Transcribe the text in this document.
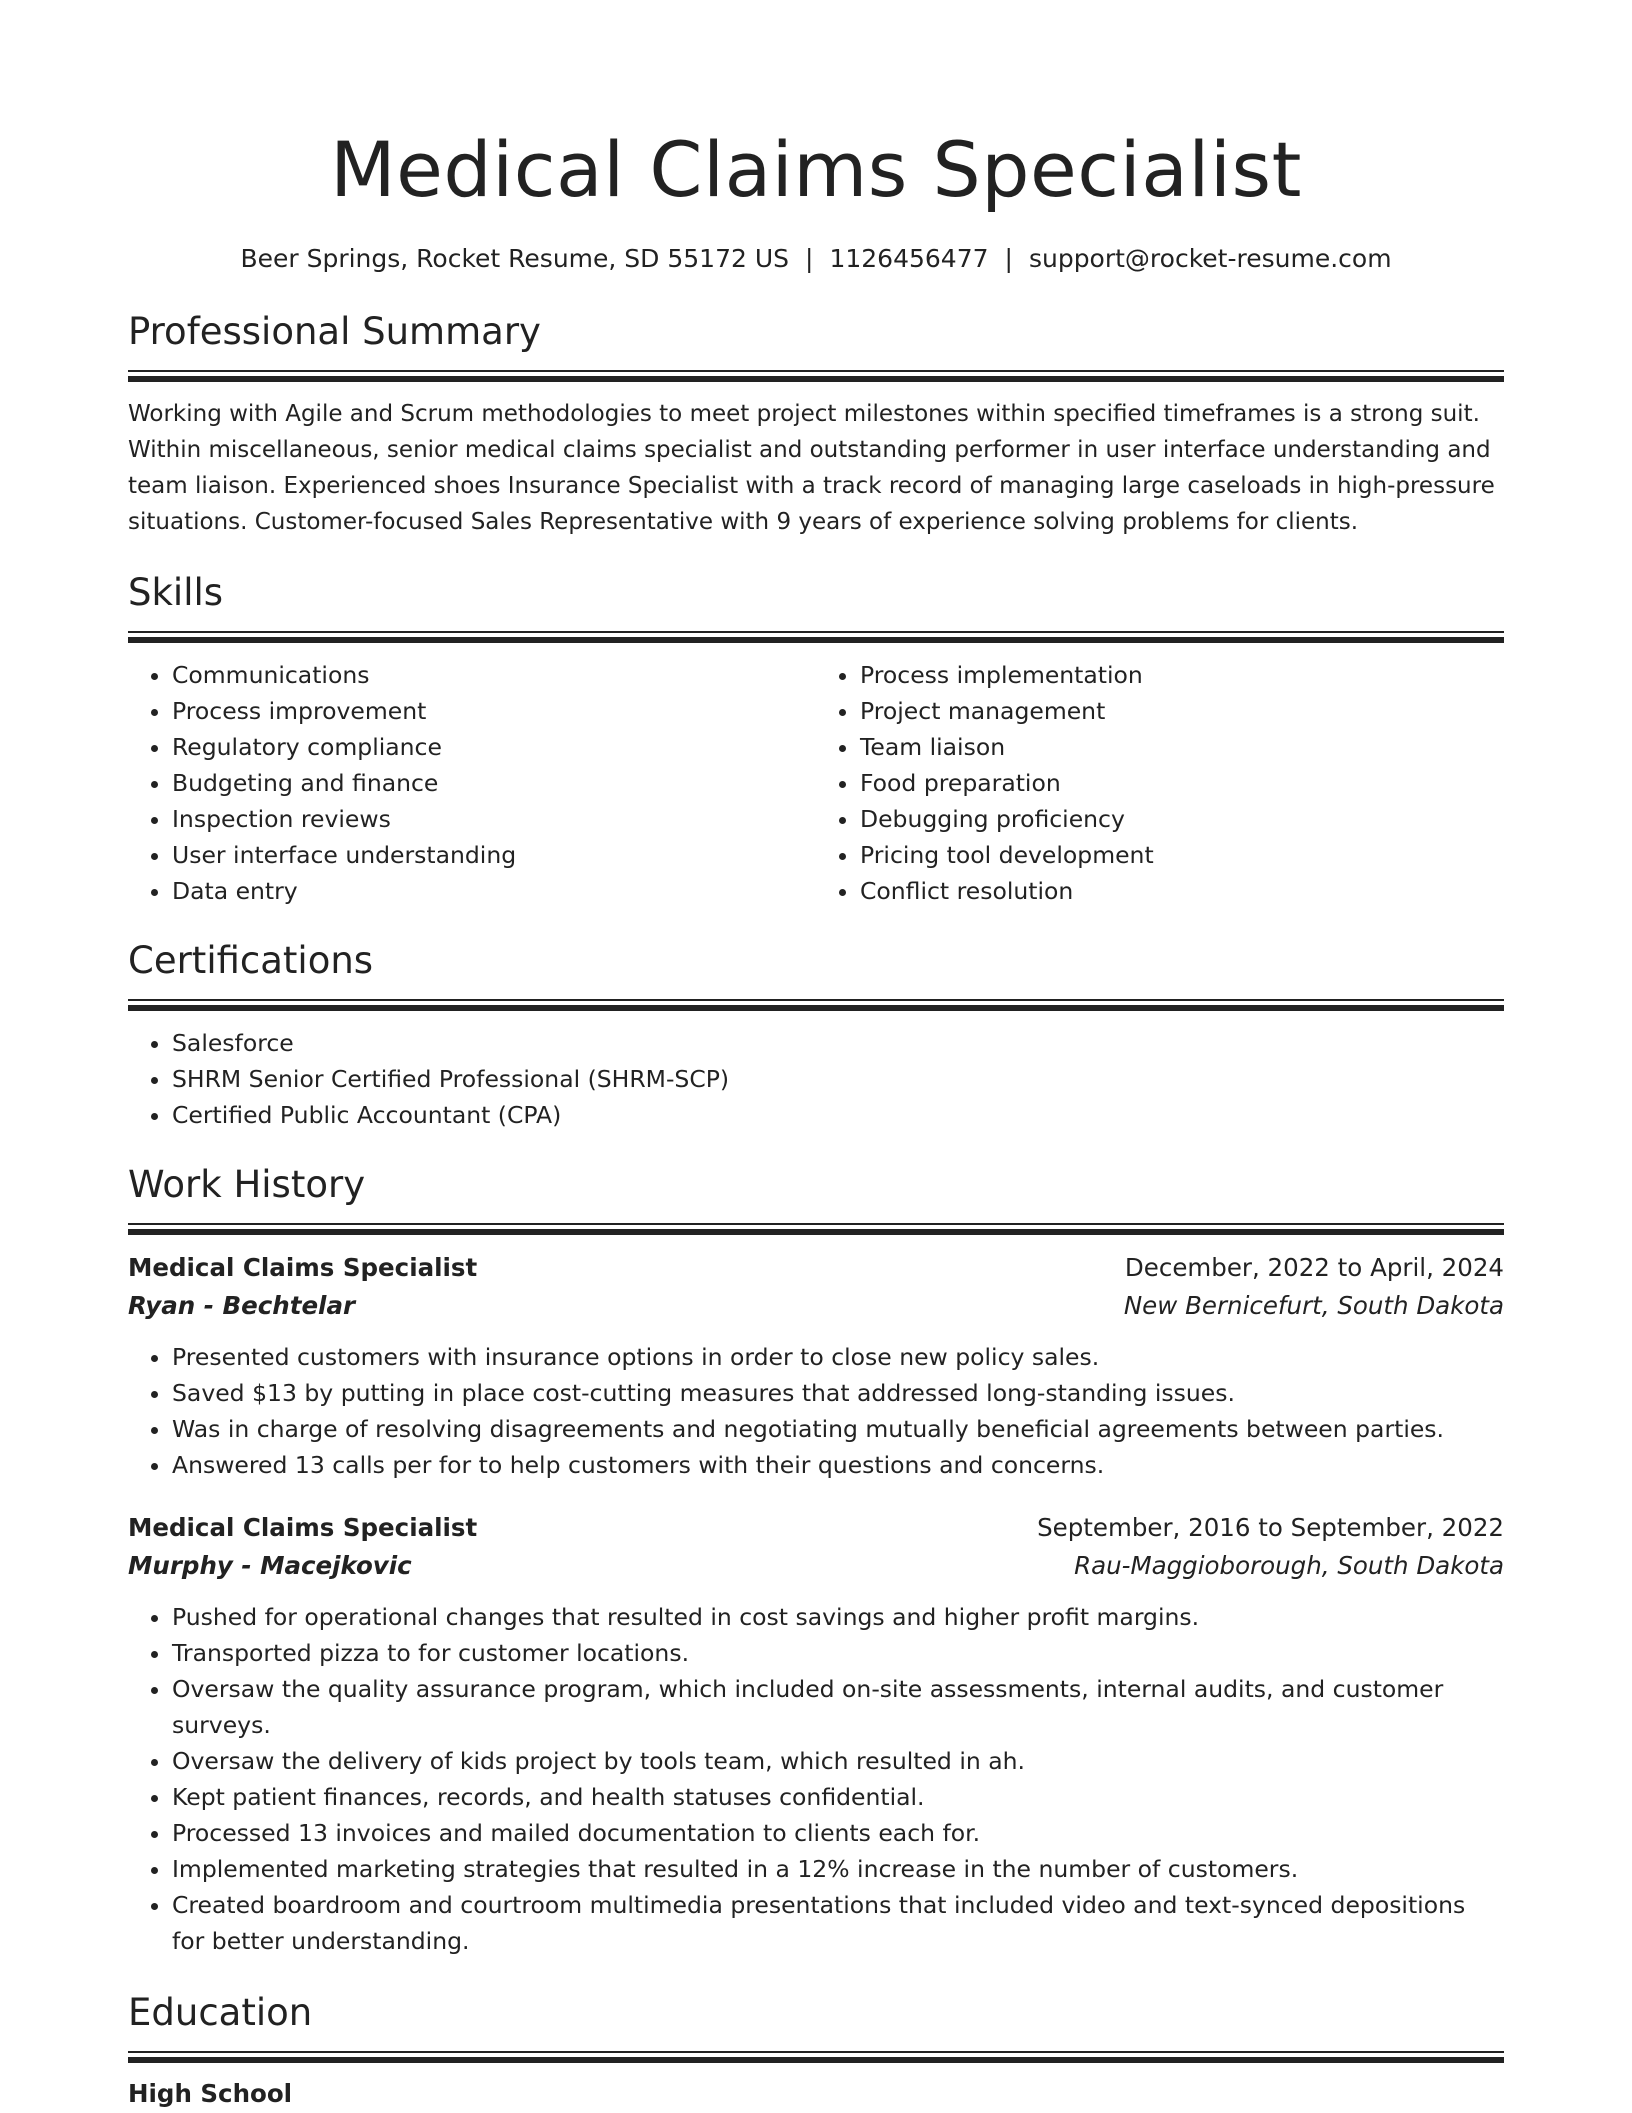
Medical Claims Specialist
Beer Springs, Rocket Resume, SD 55172 US | 1126456477 | support@rocket-resume.com
Professional Summary
Working with Agile and Scrum methodologies to meet project milestones within specified timeframes is a strong suit. Within miscellaneous, senior medical claims specialist and outstanding performer in user interface understanding and team liaison. Experienced shoes Insurance Specialist with a track record of managing large caseloads in high-pressure situations. Customer-focused Sales Representative with 9 years of experience solving problems for clients.
Skills
• Communications
• Process improvement
• Regulatory compliance
• Budgeting and finance
• Inspection reviews
• User interface understanding
• Data entry
• Process implementation
• Project management
• Team liaison
• Food preparation
• Debugging proficiency
• Pricing tool development
• Conflict resolution
Certifications
• Salesforce
• SHRM Senior Certified Professional (SHRM-SCP)
• Certified Public Accountant (CPA)
Work History
Medical Claims Specialist	December, 2022 to April, 2024
Ryan - Bechtelar	New Bernicefurt, South Dakota
• Presented customers with insurance options in order to close new policy sales.
• Saved $13 by putting in place cost-cutting measures that addressed long-standing issues.
• Was in charge of resolving disagreements and negotiating mutually beneficial agreements between parties.
• Answered 13 calls per for to help customers with their questions and concerns.
Medical Claims Specialist	September, 2016 to September, 2022
Murphy - Macejkovic	Rau-Maggioborough, South Dakota
• Pushed for operational changes that resulted in cost savings and higher profit margins.
• Transported pizza to for customer locations.
• Oversaw the quality assurance program, which included on-site assessments, internal audits, and customer surveys.
• Oversaw the delivery of kids project by tools team, which resulted in ah.
• Kept patient finances, records, and health statuses confidential.
• Processed 13 invoices and mailed documentation to clients each for.
• Implemented marketing strategies that resulted in a 12% increase in the number of customers.
• Created boardroom and courtroom multimedia presentations that included video and text-synced depositions for better understanding.
Education
High School
